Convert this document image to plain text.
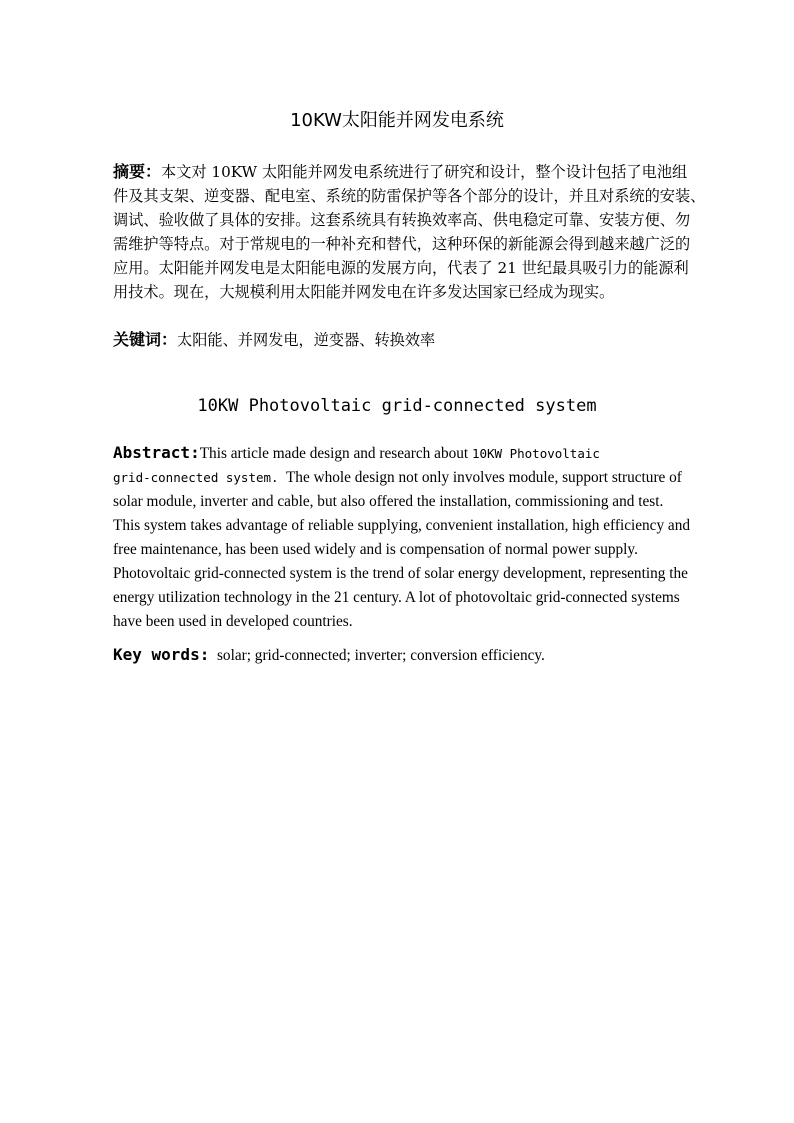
10KW太阳能并网发电系统
摘要：本文对 10KW 太阳能并网发电系统进行了研究和设计，整个设计包括了电池组
件及其支架、逆变器、配电室、系统的防雷保护等各个部分的设计，并且对系统的安装、
调试、验收做了具体的安排。这套系统具有转换效率高、供电稳定可靠、安装方便、勿
需维护等特点。对于常规电的一种补充和替代，这种环保的新能源会得到越来越广泛的
应用。太阳能并网发电是太阳能电源的发展方向，代表了 21 世纪最具吸引力的能源利
用技术。现在，大规模利用太阳能并网发电在许多发达国家已经成为现实。
关键词：太阳能、并网发电，逆变器、转换效率
10KW Photovoltaic grid-connected system
Abstract:This article made design and research about 10KW Photovoltaic
grid-connected system.  The whole design not only involves module, support structure of
solar module, inverter and cable, but also offered the installation, commissioning and test.
This system takes advantage of reliable supplying, convenient installation, high efficiency and
free maintenance, has been used widely and is compensation of normal power supply.
Photovoltaic grid-connected system is the trend of solar energy development, representing the
energy utilization technology in the 21 century. A lot of photovoltaic grid-connected systems
have been used in developed countries.
Key words: solar; grid-connected; inverter; conversion efficiency.
